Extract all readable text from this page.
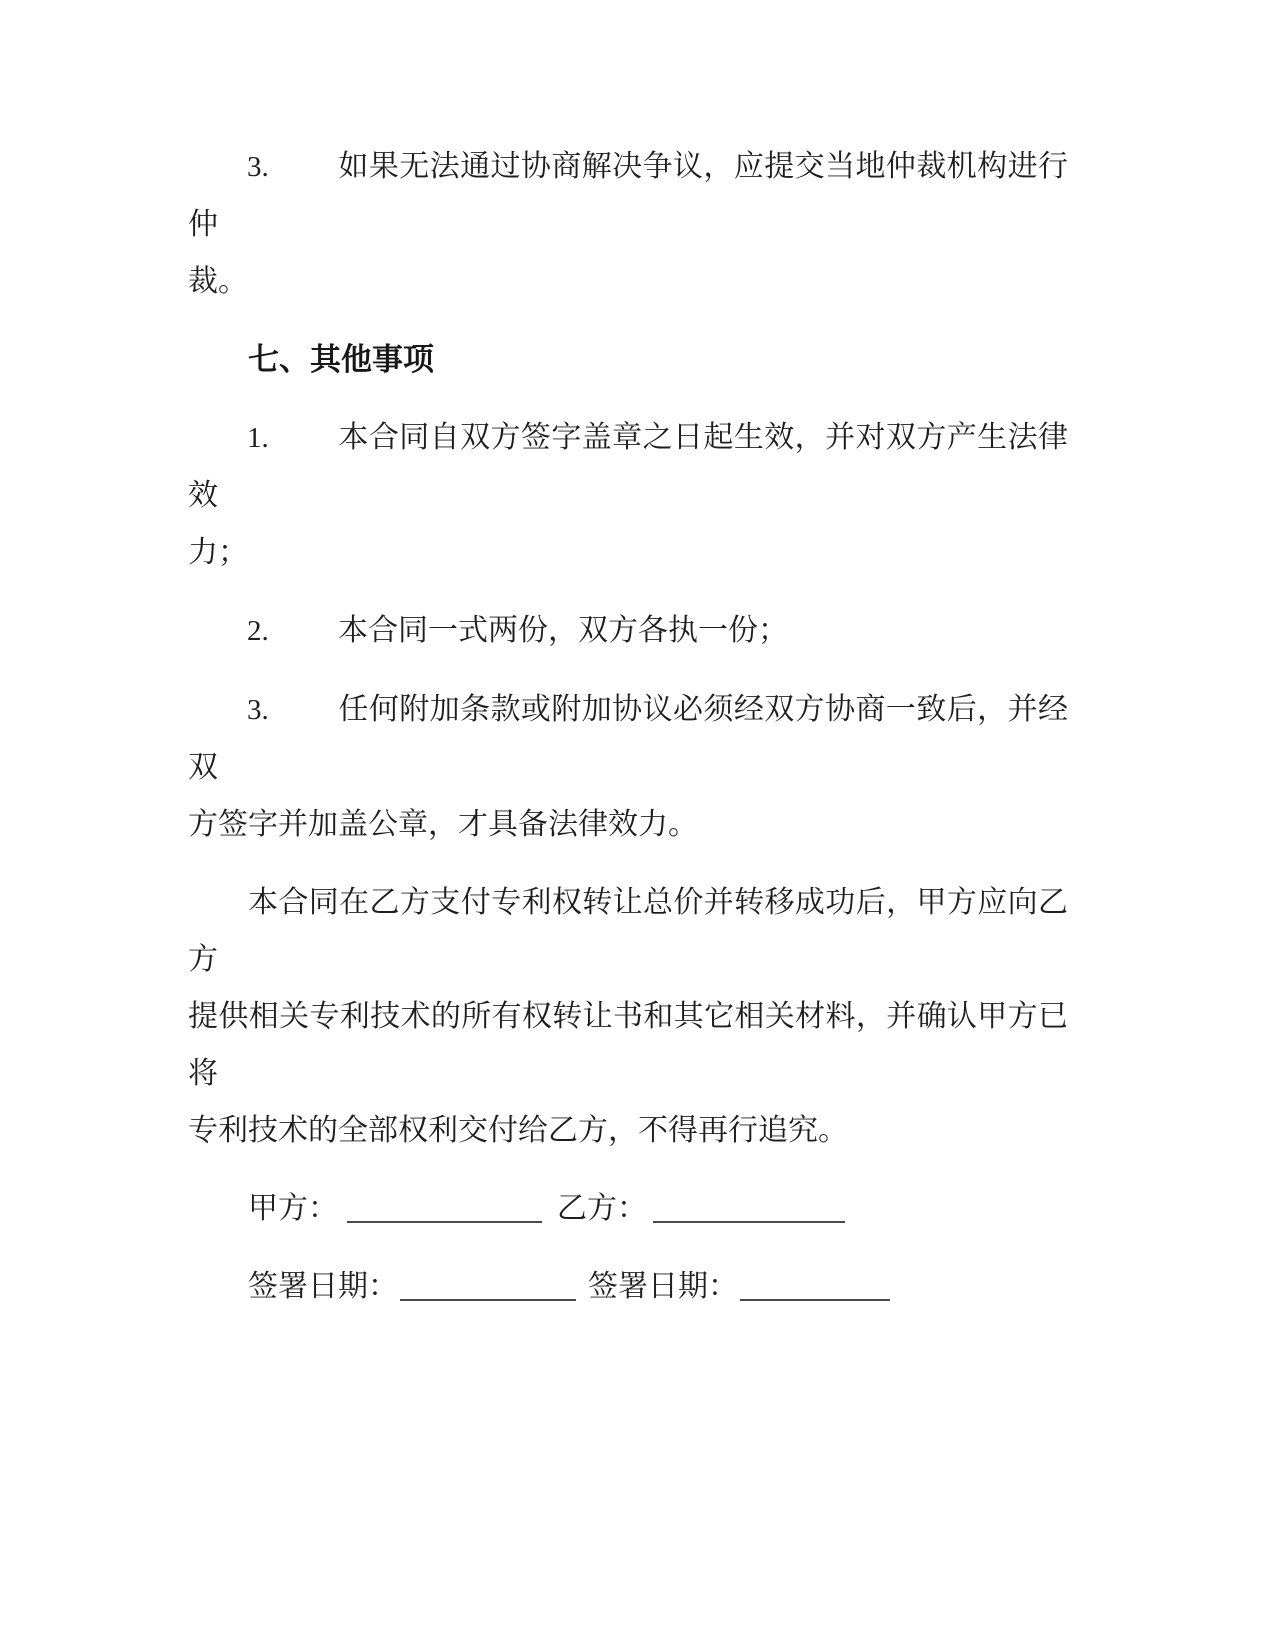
3. 如果无法通过协商解决争议，应提交当地仲裁机构进行仲
裁。
七、其他事项
1. 本合同自双方签字盖章之日起生效，并对双方产生法律效
力；
2. 本合同一式两份，双方各执一份；
3. 任何附加条款或附加协议必须经双方协商一致后，并经双
方签字并加盖公章，才具备法律效力。
本合同在乙方支付专利权转让总价并转移成功后，甲方应向乙方
提供相关专利技术的所有权转让书和其它相关材料，并确认甲方已将
专利技术的全部权利交付给乙方，不得再行追究。
甲方：	乙方：
签署日期：	签署日期：
